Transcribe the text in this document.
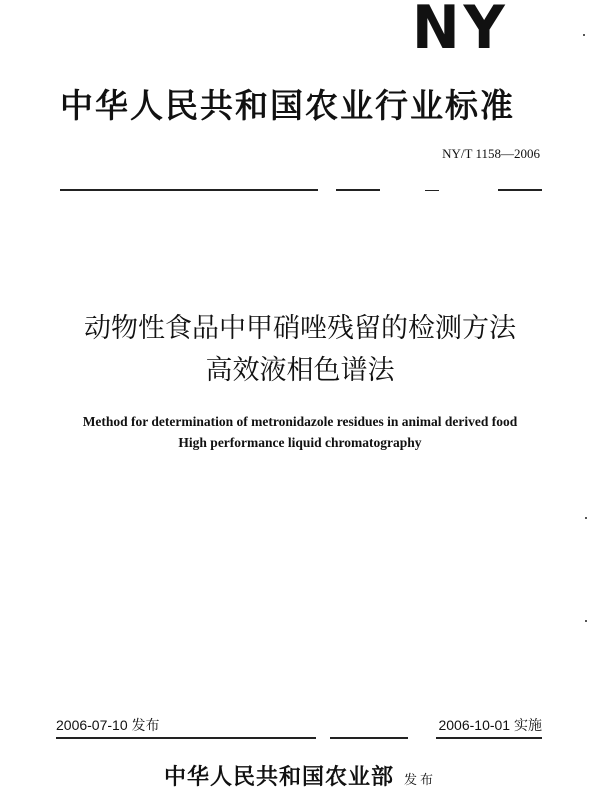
NY
中华人民共和国农业行业标准
NY/T 1158—2006
动物性食品中甲硝唑残留的检测方法
高效液相色谱法
Method for determination of metronidazole residues in animal derived food
High performance liquid chromatography
2006-07-10 发布	2006-10-01 实施
中华人民共和国农业部 发布
